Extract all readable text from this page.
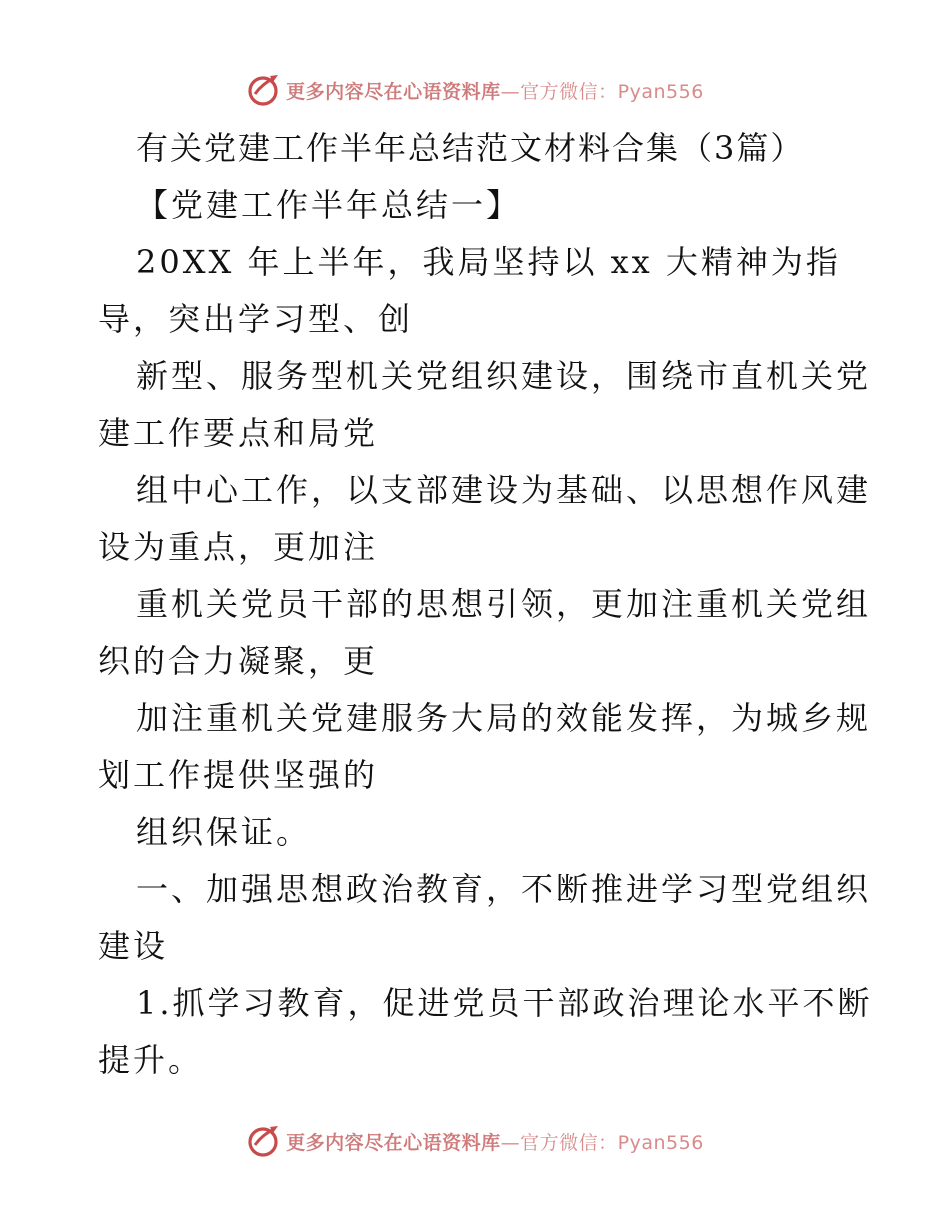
更多内容尽在心语资料库—官方微信：Pyan556
有关党建工作半年总结范文材料合集（3篇）
【党建工作半年总结一】
20XX 年上半年，我局坚持以 xx 大精神为指
导，突出学习型、创
新型、服务型机关党组织建设，围绕市直机关党
建工作要点和局党
组中心工作，以支部建设为基础、以思想作风建
设为重点，更加注
重机关党员干部的思想引领，更加注重机关党组
织的合力凝聚，更
加注重机关党建服务大局的效能发挥，为城乡规
划工作提供坚强的
组织保证。
一、加强思想政治教育，不断推进学习型党组织
建设
1.抓学习教育，促进党员干部政治理论水平不断
提升。
更多内容尽在心语资料库—官方微信：Pyan556
